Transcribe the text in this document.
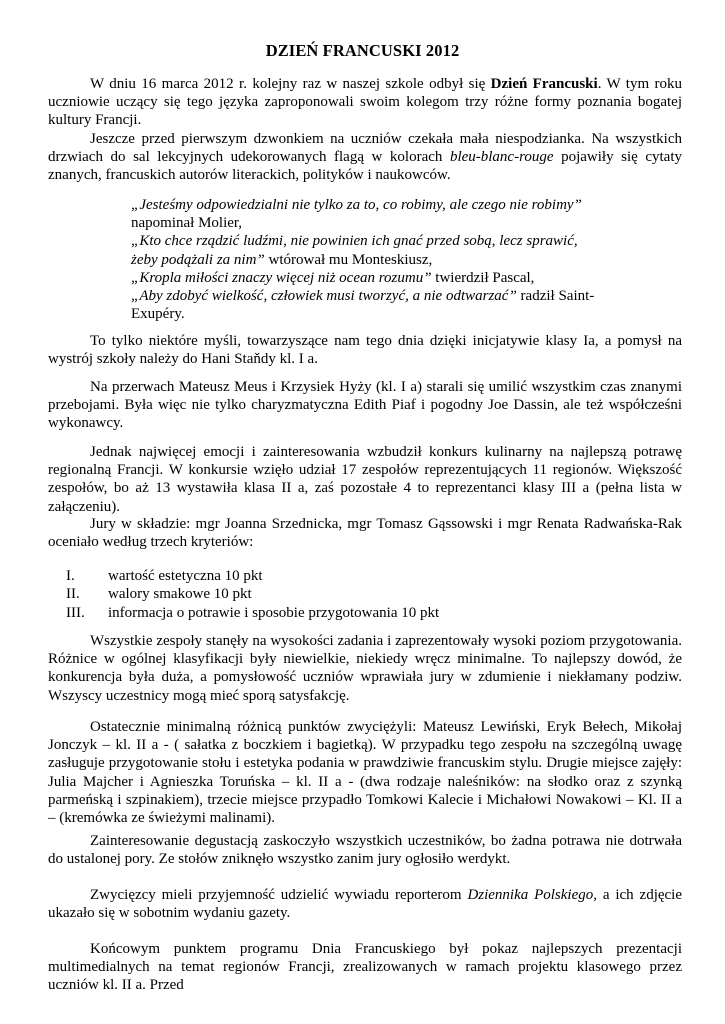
DZIEŃ FRANCUSKI 2012

W dniu 16 marca 2012 r. kolejny raz w naszej szkole odbył się Dzień Francuski. W tym roku uczniowie uczący się tego języka zaproponowali swoim kolegom trzy różne formy poznania bogatej kultury Francji.

Jeszcze przed pierwszym dzwonkiem na uczniów czekała mała niespodzianka. Na wszystkich drzwiach do sal lekcyjnych udekorowanych flagą w kolorach bleu-blanc-rouge pojawiły się cytaty znanych, francuskich autorów literackich, polityków i naukowców.

„Jesteśmy odpowiedzialni nie tylko za to, co robimy, ale czego nie robimy”
napominał Molier,
„Kto chce rządzić ludźmi, nie powinien ich gnać przed sobą, lecz sprawić, żeby podążali za nim” wtórował mu Monteskiusz,
„Kropla miłości znaczy więcej niż ocean rozumu” twierdził Pascal,
„Aby zdobyć wielkość, człowiek musi tworzyć, a nie odtwarzać” radził Saint-Exupéry.

To tylko niektóre myśli, towarzyszące nam tego dnia dzięki inicjatywie klasy Ia, a pomysł na wystrój szkoły należy do Hani Staňdy kl. I a.

Na przerwach Mateusz Meus i Krzysiek Hyży (kl. I a) starali się umilić wszystkim czas znanymi przebojami. Była więc nie tylko charyzmatyczna Edith Piaf i pogodny Joe Dassin, ale też współcześni wykonawcy.

Jednak najwięcej emocji i zainteresowania wzbudził konkurs kulinarny na najlepszą potrawę regionalną Francji. W konkursie wzięło udział 17 zespołów reprezentujących 11 regionów. Większość zespołów, bo aż 13 wystawiła klasa II a, zaś pozostałe 4 to reprezentanci klasy III a (pełna lista w załączeniu).

Jury w składzie: mgr Joanna Srzednicka, mgr Tomasz Gąssowski i mgr Renata Radwańska-Rak oceniało według trzech kryteriów:

I.	wartość estetyczna 10 pkt
II.	walory smakowe 10 pkt
III.	informacja o potrawie i sposobie przygotowania 10 pkt

Wszystkie zespoły stanęły na wysokości zadania i zaprezentowały wysoki poziom przygotowania. Różnice w ogólnej klasyfikacji były niewielkie, niekiedy wręcz minimalne. To najlepszy dowód, że konkurencja była duża, a pomysłowość uczniów wprawiała jury w zdumienie i niekłamany podziw. Wszyscy uczestnicy mogą mieć sporą satysfakcję.

Ostatecznie minimalną różnicą punktów zwyciężyli: Mateusz Lewiński, Eryk Bełech, Mikołaj Jonczyk – kl. II a - ( sałatka z boczkiem i bagietką). W przypadku tego zespołu na szczególną uwagę zasługuje przygotowanie stołu i estetyka podania w prawdziwie francuskim stylu. Drugie miejsce zajęły: Julia Majcher i Agnieszka Toruńska – kl. II a - (dwa rodzaje naleśników: na słodko oraz z szynką parmeńską i szpinakiem), trzecie miejsce przypadło Tomkowi Kalecie i Michałowi Nowakowi – Kl. II a – (kremówka ze świeżymi malinami).

Zainteresowanie degustacją zaskoczyło wszystkich uczestników, bo żadna potrawa nie dotrwała do ustalonej pory. Ze stołów zniknęło wszystko zanim jury ogłosiło werdykt.

Zwycięzcy mieli przyjemność udzielić wywiadu reporterom Dziennika Polskiego, a ich zdjęcie ukazało się w sobotnim wydaniu gazety.

Końcowym punktem programu Dnia Francuskiego był pokaz najlepszych prezentacji multimedialnych na temat regionów Francji, zrealizowanych w ramach projektu klasowego przez uczniów kl. II a. Przed
